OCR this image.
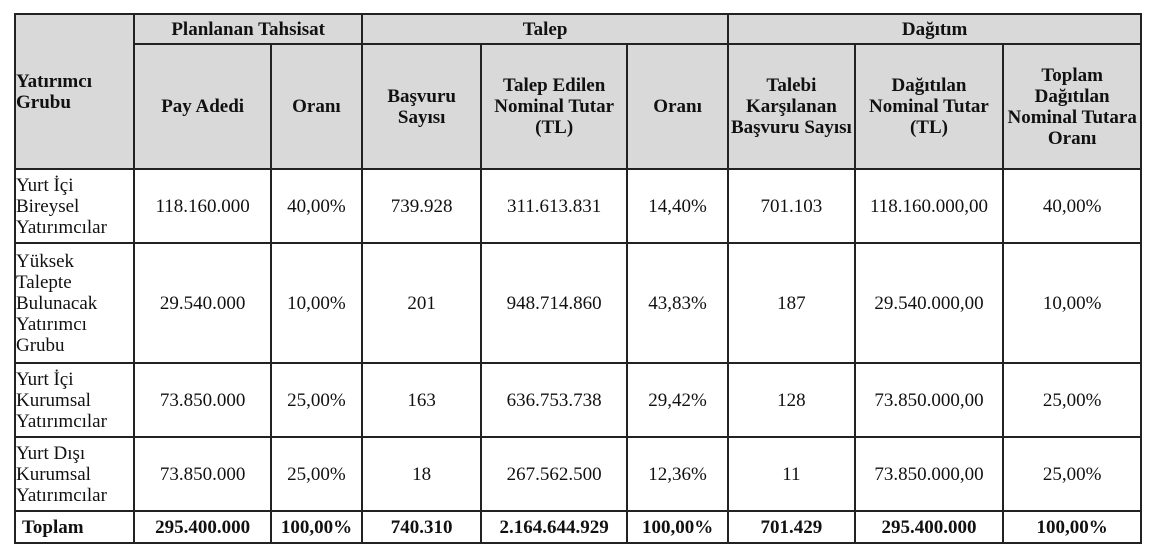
Yatırımcı Grubu	Planlanan Tahsisat		Talep			Dağıtım		
	Pay Adedi	Oranı	Başvuru Sayısı	Talep Edilen Nominal Tutar (TL)	Oranı	Talebi Karşılanan Başvuru Sayısı	Dağıtılan Nominal Tutar (TL)	Toplam Dağıtılan Nominal Tutara Oranı
Yurt İçi Bireysel Yatırımcılar	118.160.000	40,00%	739.928	311.613.831	14,40%	701.103	118.160.000,00	40,00%
Yüksek Talepte Bulunacak Yatırımcı Grubu	29.540.000	10,00%	201	948.714.860	43,83%	187	29.540.000,00	10,00%
Yurt İçi Kurumsal Yatırımcılar	73.850.000	25,00%	163	636.753.738	29,42%	128	73.850.000,00	25,00%
Yurt Dışı Kurumsal Yatırımcılar	73.850.000	25,00%	18	267.562.500	12,36%	11	73.850.000,00	25,00%
Toplam	295.400.000	100,00%	740.310	2.164.644.929	100,00%	701.429	295.400.000	100,00%
